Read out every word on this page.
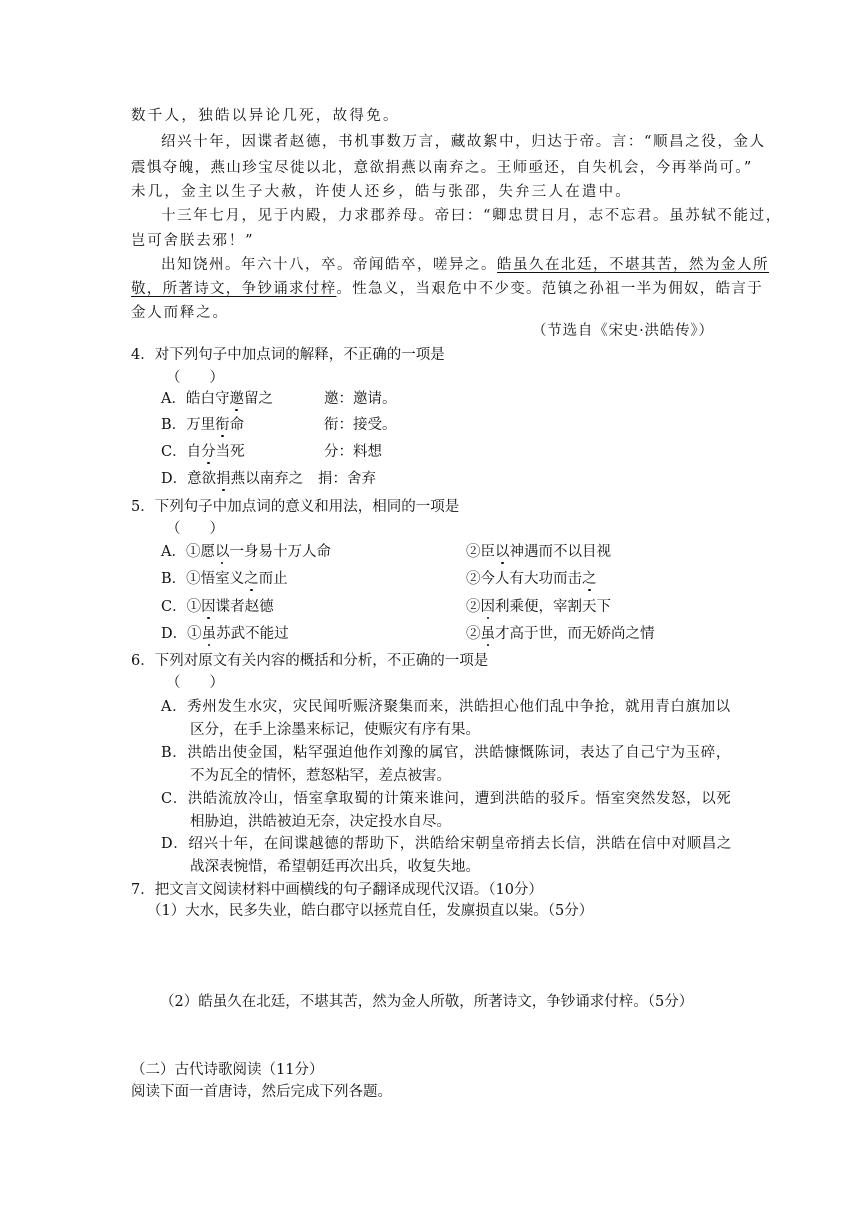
数千人，独皓以异论几死，故得免。
绍兴十年，因谍者赵德，书机事数万言，藏故絮中，归达于帝。言：“顺昌之役，金人
震惧夺魄，燕山珍宝尽徙以北，意欲捐燕以南弃之。王师亟还，自失机会，今再举尚可。”
未几，金主以生子大赦，许使人还乡，皓与张邵，失弁三人在遣中。
十三年七月，见于内殿，力求郡养母。帝曰：“卿忠贯日月，志不忘君。虽苏轼不能过，
岂可舍朕去邪！”
出知饶州。年六十八，卒。帝闻皓卒，嗟异之。皓虽久在北廷，不堪其苦，然为金人所
敬，所著诗文，争钞诵求付梓。性急义，当艰危中不少变。范镇之孙祖一半为佣奴，皓言于
金人而释之。
（节选自《宋史·洪皓传》）
4．对下列句子中加点词的解释，不正确的一项是
（　　）
A．皓白守邀留之	邀：邀请。
B．万里衔命	衔：接受。
C．自分当死	分：料想
D．意欲捐燕以南弃之 捐：舍弃
5．下列句子中加点词的意义和用法，相同的一项是
（　　）
A．①愿以一身易十万人命	②臣以神遇而不以目视
B．①悟室义之而止	②今人有大功而击之
C．①因谍者赵德	②因利乘便，宰割天下
D．①虽苏武不能过	②虽才高于世，而无娇尚之情
6．下列对原文有关内容的概括和分析，不正确的一项是
（　　）
A．秀州发生水灾，灾民闻听赈济聚集而来，洪皓担心他们乱中争抢，就用青白旗加以
区分，在手上涂墨来标记，使赈灾有序有果。
B．洪皓出使金国，粘罕强迫他作刘豫的属官，洪皓慷慨陈词，表达了自己宁为玉碎，
不为瓦全的情怀，惹怒粘罕，差点被害。
C．洪皓流放冷山，悟室拿取蜀的计策来谁问，遭到洪皓的驳斥。悟室突然发怒，以死
相胁迫，洪皓被迫无奈，决定投水自尽。
D．绍兴十年，在间谍越德的帮助下，洪皓给宋朝皇帝捎去长信，洪皓在信中对顺昌之
战深表惋惜，希望朝廷再次出兵，收复失地。
7．把文言文阅读材料中画横线的句子翻译成现代汉语。（10分）
（1）大水，民多失业，皓白郡守以拯荒自任，发廪损直以粜。（5分）
（2）皓虽久在北廷，不堪其苦，然为金人所敬，所著诗文，争钞诵求付梓。（5分）
（二）古代诗歌阅读（11分）
阅读下面一首唐诗，然后完成下列各题。
